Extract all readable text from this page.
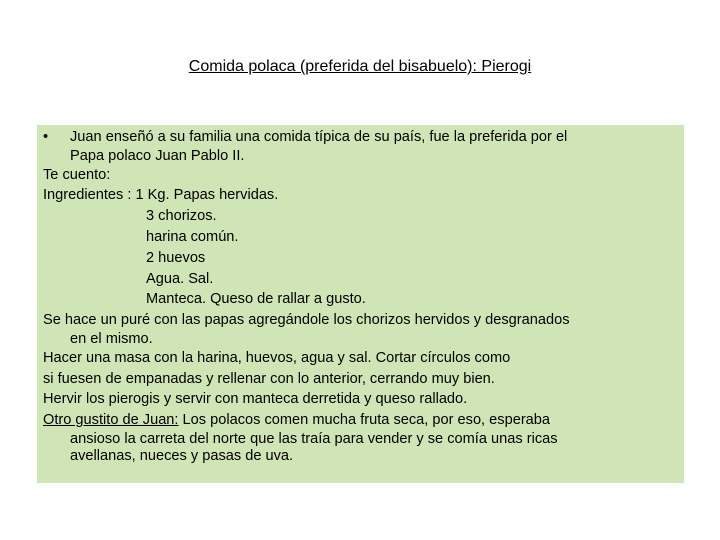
Comida polaca (preferida del bisabuelo): Pierogi
• Juan enseñó a su familia una comida típica de su país, fue la preferida por el
Papa polaco Juan Pablo II.
Te cuento:
Ingredientes : 1 Kg. Papas hervidas.
3 chorizos.
harina común.
2 huevos
Agua. Sal.
Manteca. Queso de rallar a gusto.
Se hace un puré con las papas agregándole los chorizos hervidos y desgranados
en el mismo.
Hacer una masa con la harina, huevos, agua y sal. Cortar círculos como
si fuesen de empanadas y rellenar con lo anterior, cerrando muy bien.
Hervir los pierogis y servir con manteca derretida y queso rallado.
Otro gustito de Juan: Los polacos comen mucha fruta seca, por eso, esperaba
ansioso la carreta del norte que las traía para vender y se comía unas ricas
avellanas, nueces y pasas de uva.
